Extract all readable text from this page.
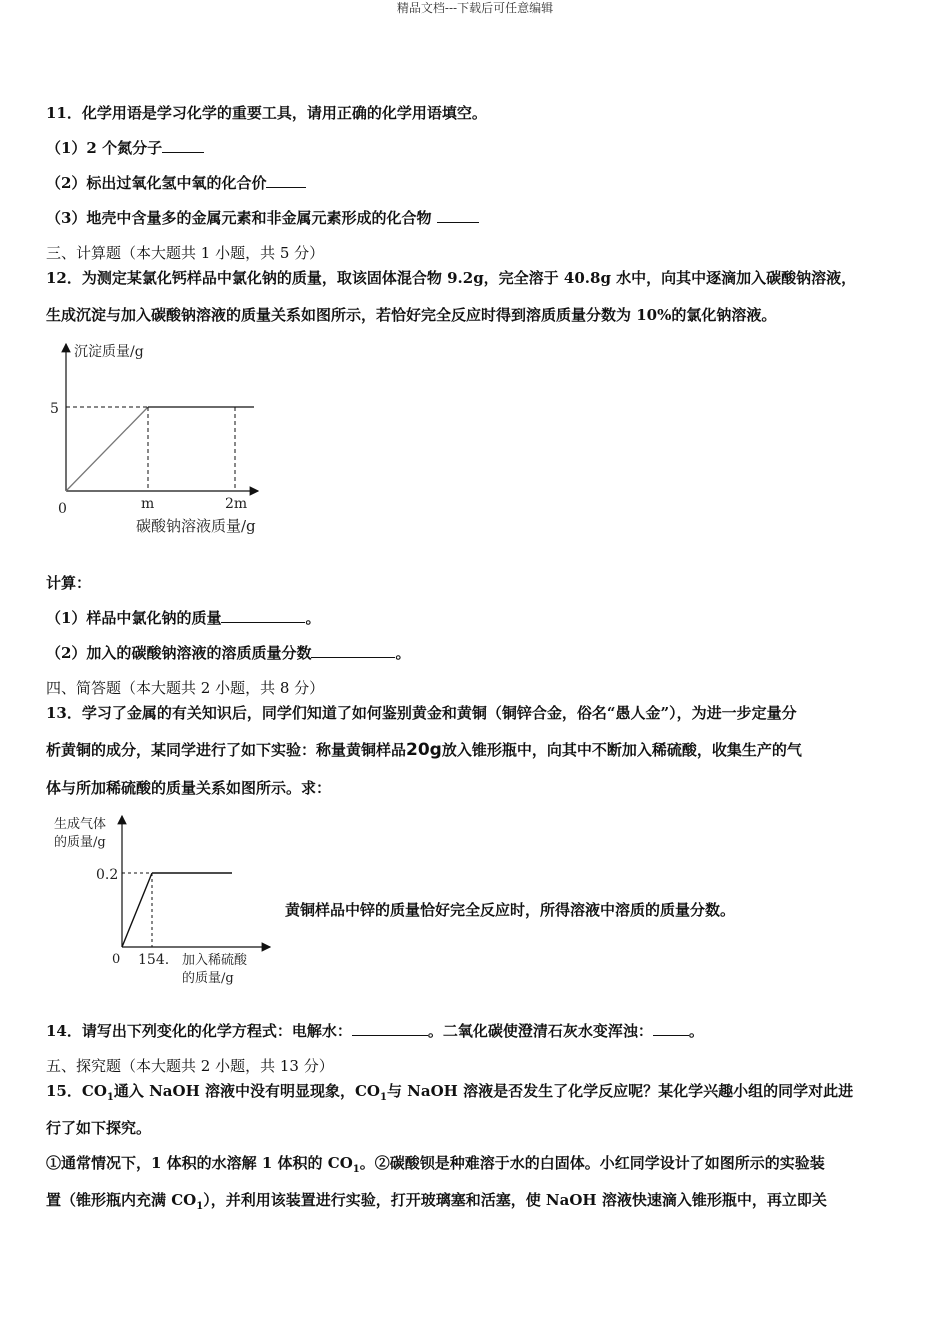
精品文档---下载后可任意编辑
11．化学用语是学习化学的重要工具，请用正确的化学用语填空。
（1）2 个氮分子
（2）标出过氧化氢中氧的化合价
（3）地壳中含量多的金属元素和非金属元素形成的化合物
三、计算题（本大题共 1 小题，共 5 分）
12．为测定某氯化钙样品中氯化钠的质量，取该固体混合物 9.2g，完全溶于 40.8g 水中，向其中逐滴加入碳酸钠溶液，
生成沉淀与加入碳酸钠溶液的质量关系如图所示，若恰好完全反应时得到溶质质量分数为 10%的氯化钠溶液。
沉淀质量/g
5
0	m	2m
碳酸钠溶液质量/g
计算：
（1）样品中氯化钠的质量	。
（2）加入的碳酸钠溶液的溶质质量分数	。
四、简答题（本大题共 2 小题，共 8 分）
13．学习了金属的有关知识后，同学们知道了如何鉴别黄金和黄铜（铜锌合金，俗名“愚人金”），为进一步定量分
析黄铜的成分，某同学进行了如下实验：称量黄铜样品20g放入锥形瓶中，向其中不断加入稀硫酸，收集生产的气
体与所加稀硫酸的质量关系如图所示。求：
生成气体
的质量/g
0.2
0 154. 加入稀硫酸
的质量/g
黄铜样品中锌的质量恰好完全反应时，所得溶液中溶质的质量分数。
14．请写出下列变化的化学方程式：电解水：	。二氧化碳使澄清石灰水变浑浊： 。
五、探究题（本大题共 2 小题，共 13 分）
15．$CO_1$通入 NaOH 溶液中没有明显现象，$CO_1$与 NaOH 溶液是否发生了化学反应呢？某化学兴趣小组的同学对此进
行了如下探究。
①通常情况下，1 体积的水溶解 1 体积的 $CO_1$。②碳酸钡是种难溶于水的白固体。小红同学设计了如图所示的实验装
置（锥形瓶内充满 $CO_1$），并利用该装置进行实验，打开玻璃塞和活塞，使 NaOH 溶液快速滴入锥形瓶中，再立即关
